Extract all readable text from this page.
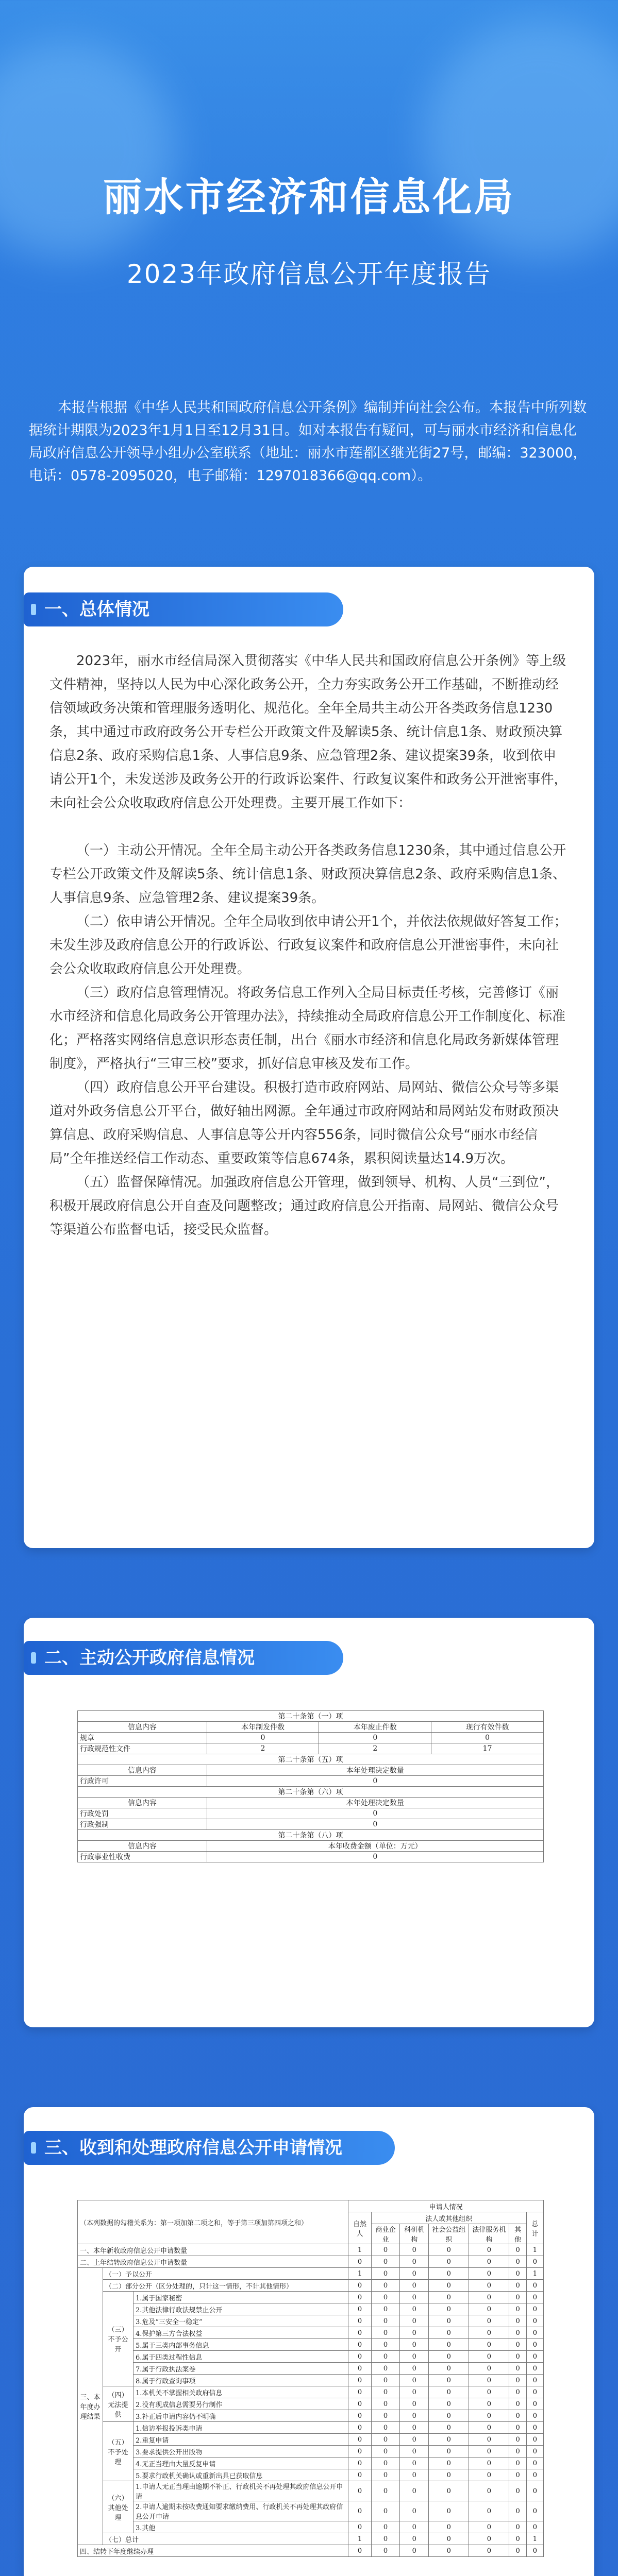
丽水市经济和信息化局
2023年政府信息公开年度报告
本报告根据《中华人民共和国政府信息公开条例》编制并向社会公布。本报告中所列数据统计期限为2023年1月1日至12月31日。如对本报告有疑问，可与丽水市经济和信息化局政府信息公开领导小组办公室联系（地址：丽水市莲都区继光街27号，邮编：323000，电话：0578-2095020，电子邮箱：1297018366@qq.com）。
一、总体情况

2023年，丽水市经信局深入贯彻落实《中华人民共和国政府信息公开条例》等上级文件精神，坚持以人民为中心深化政务公开，全力夯实政务公开工作基础，不断推动经信领域政务决策和管理服务透明化、规范化。全年全局共主动公开各类政务信息1230条，其中通过市政府政务公开专栏公开政策文件及解读5条、统计信息1条、财政预决算信息2条、政府采购信息1条、人事信息9条、应急管理2条、建议提案39条，收到依申请公开1个，未发送涉及政务公开的行政诉讼案件、行政复议案件和政务公开泄密事件，未向社会公众收取政府信息公开处理费。主要开展工作如下：

（一）主动公开情况。全年全局主动公开各类政务信息1230条，其中通过信息公开专栏公开政策文件及解读5条、统计信息1条、财政预决算信息2条、政府采购信息1条、人事信息9条、应急管理2条、建议提案39条。

（二）依申请公开情况。全年全局收到依申请公开1个，并依法依规做好答复工作；未发生涉及政府信息公开的行政诉讼、行政复议案件和政府信息公开泄密事件，未向社会公众收取政府信息公开处理费。

（三）政府信息管理情况。将政务信息工作列入全局目标责任考核，完善修订《丽水市经济和信息化局政务公开管理办法》，持续推动全局政府信息公开工作制度化、标准化；严格落实网络信息意识形态责任制，出台《丽水市经济和信息化局政务新媒体管理制度》，严格执行“三审三校”要求，抓好信息审核及发布工作。

（四）政府信息公开平台建设。积极打造市政府网站、局网站、微信公众号等多渠道对外政务信息公开平台，做好轴出网源。全年通过市政府网站和局网站发布财政预决算信息、政府采购信息、人事信息等公开内容556条，同时微信公众号“丽水市经信局”全年推送经信工作动态、重要政策等信息674条，累积阅读量达14.9万次。

（五）监督保障情况。加强政府信息公开管理，做到领导、机构、人员“三到位”，积极开展政府信息公开自查及问题整改；通过政府信息公开指南、局网站、微信公众号等渠道公布监督电话，接受民众监督。

二、主动公开政府信息情况
第二十条第（一）项			
信息内容	本年制发件数	本年废止件数	现行有效件数
规章	0	0	0
行政规范性文件	2	2	17
第二十条第（五）项			
信息内容	本年处理决定数量		
行政许可	0		
第二十条第（六）项			
信息内容	本年处理决定数量		
行政处罚	0		
行政强制	0		
第二十条第（八）项			
信息内容	本年收费金额（单位：万元）		
行政事业性收费	0		
三、收到和处理政府信息公开申请情况
（本列数据的勾稽关系为：第一项加第二项之和，等于第三项加第四项之和）			申请人情况						
			自然人	法人或其他组织					总计
				商业企业	科研机构	社会公益组织	法律服务机构	其他	
一、本年新收政府信息公开申请数量			1	0	0	0	0	0	1
二、上年结转政府信息公开申请数量			0	0	0	0	0	0	0
三、本年度办理结果	（一）予以公开		1	0	0	0	0	0	1
	（二）部分公开（区分处理的，只计这一情形，不计其他情形）		0	0	0	0	0	0	0
	（三）不予公开	1.属于国家秘密	0	0	0	0	0	0	0
		2.其他法律行政法规禁止公开	0	0	0	0	0	0	0
		3.危及“三安全一稳定”	0	0	0	0	0	0	0
		4.保护第三方合法权益	0	0	0	0	0	0	0
		5.属于三类内部事务信息	0	0	0	0	0	0	0
		6.属于四类过程性信息	0	0	0	0	0	0	0
		7.属于行政执法案卷	0	0	0	0	0	0	0
		8.属于行政查询事项	0	0	0	0	0	0	0
	（四）无法提供	1.本机关不掌握相关政府信息	0	0	0	0	0	0	0
		2.没有现成信息需要另行制作	0	0	0	0	0	0	0
		3.补正后申请内容仍不明确	0	0	0	0	0	0	0
	（五）不予处理	1.信访举报投诉类申请	0	0	0	0	0	0	0
		2.重复申请	0	0	0	0	0	0	0
		3.要求提供公开出版物	0	0	0	0	0	0	0
		4.无正当理由大量反复申请	0	0	0	0	0	0	0
		5.要求行政机关确认或重新出具已获取信息	0	0	0	0	0	0	0
	（六）其他处理	1.申请人无正当理由逾期不补正、行政机关不再处理其政府信息公开申请	0	0	0	0	0	0	0
		2.申请人逾期未按收费通知要求缴纳费用、行政机关不再处理其政府信息公开申请	0	0	0	0	0	0	0
		3.其他	0	0	0	0	0	0	0
	（七）总计		1	0	0	0	0	0	1
四、结转下年度继续办理			0	0	0	0	0	0	0
